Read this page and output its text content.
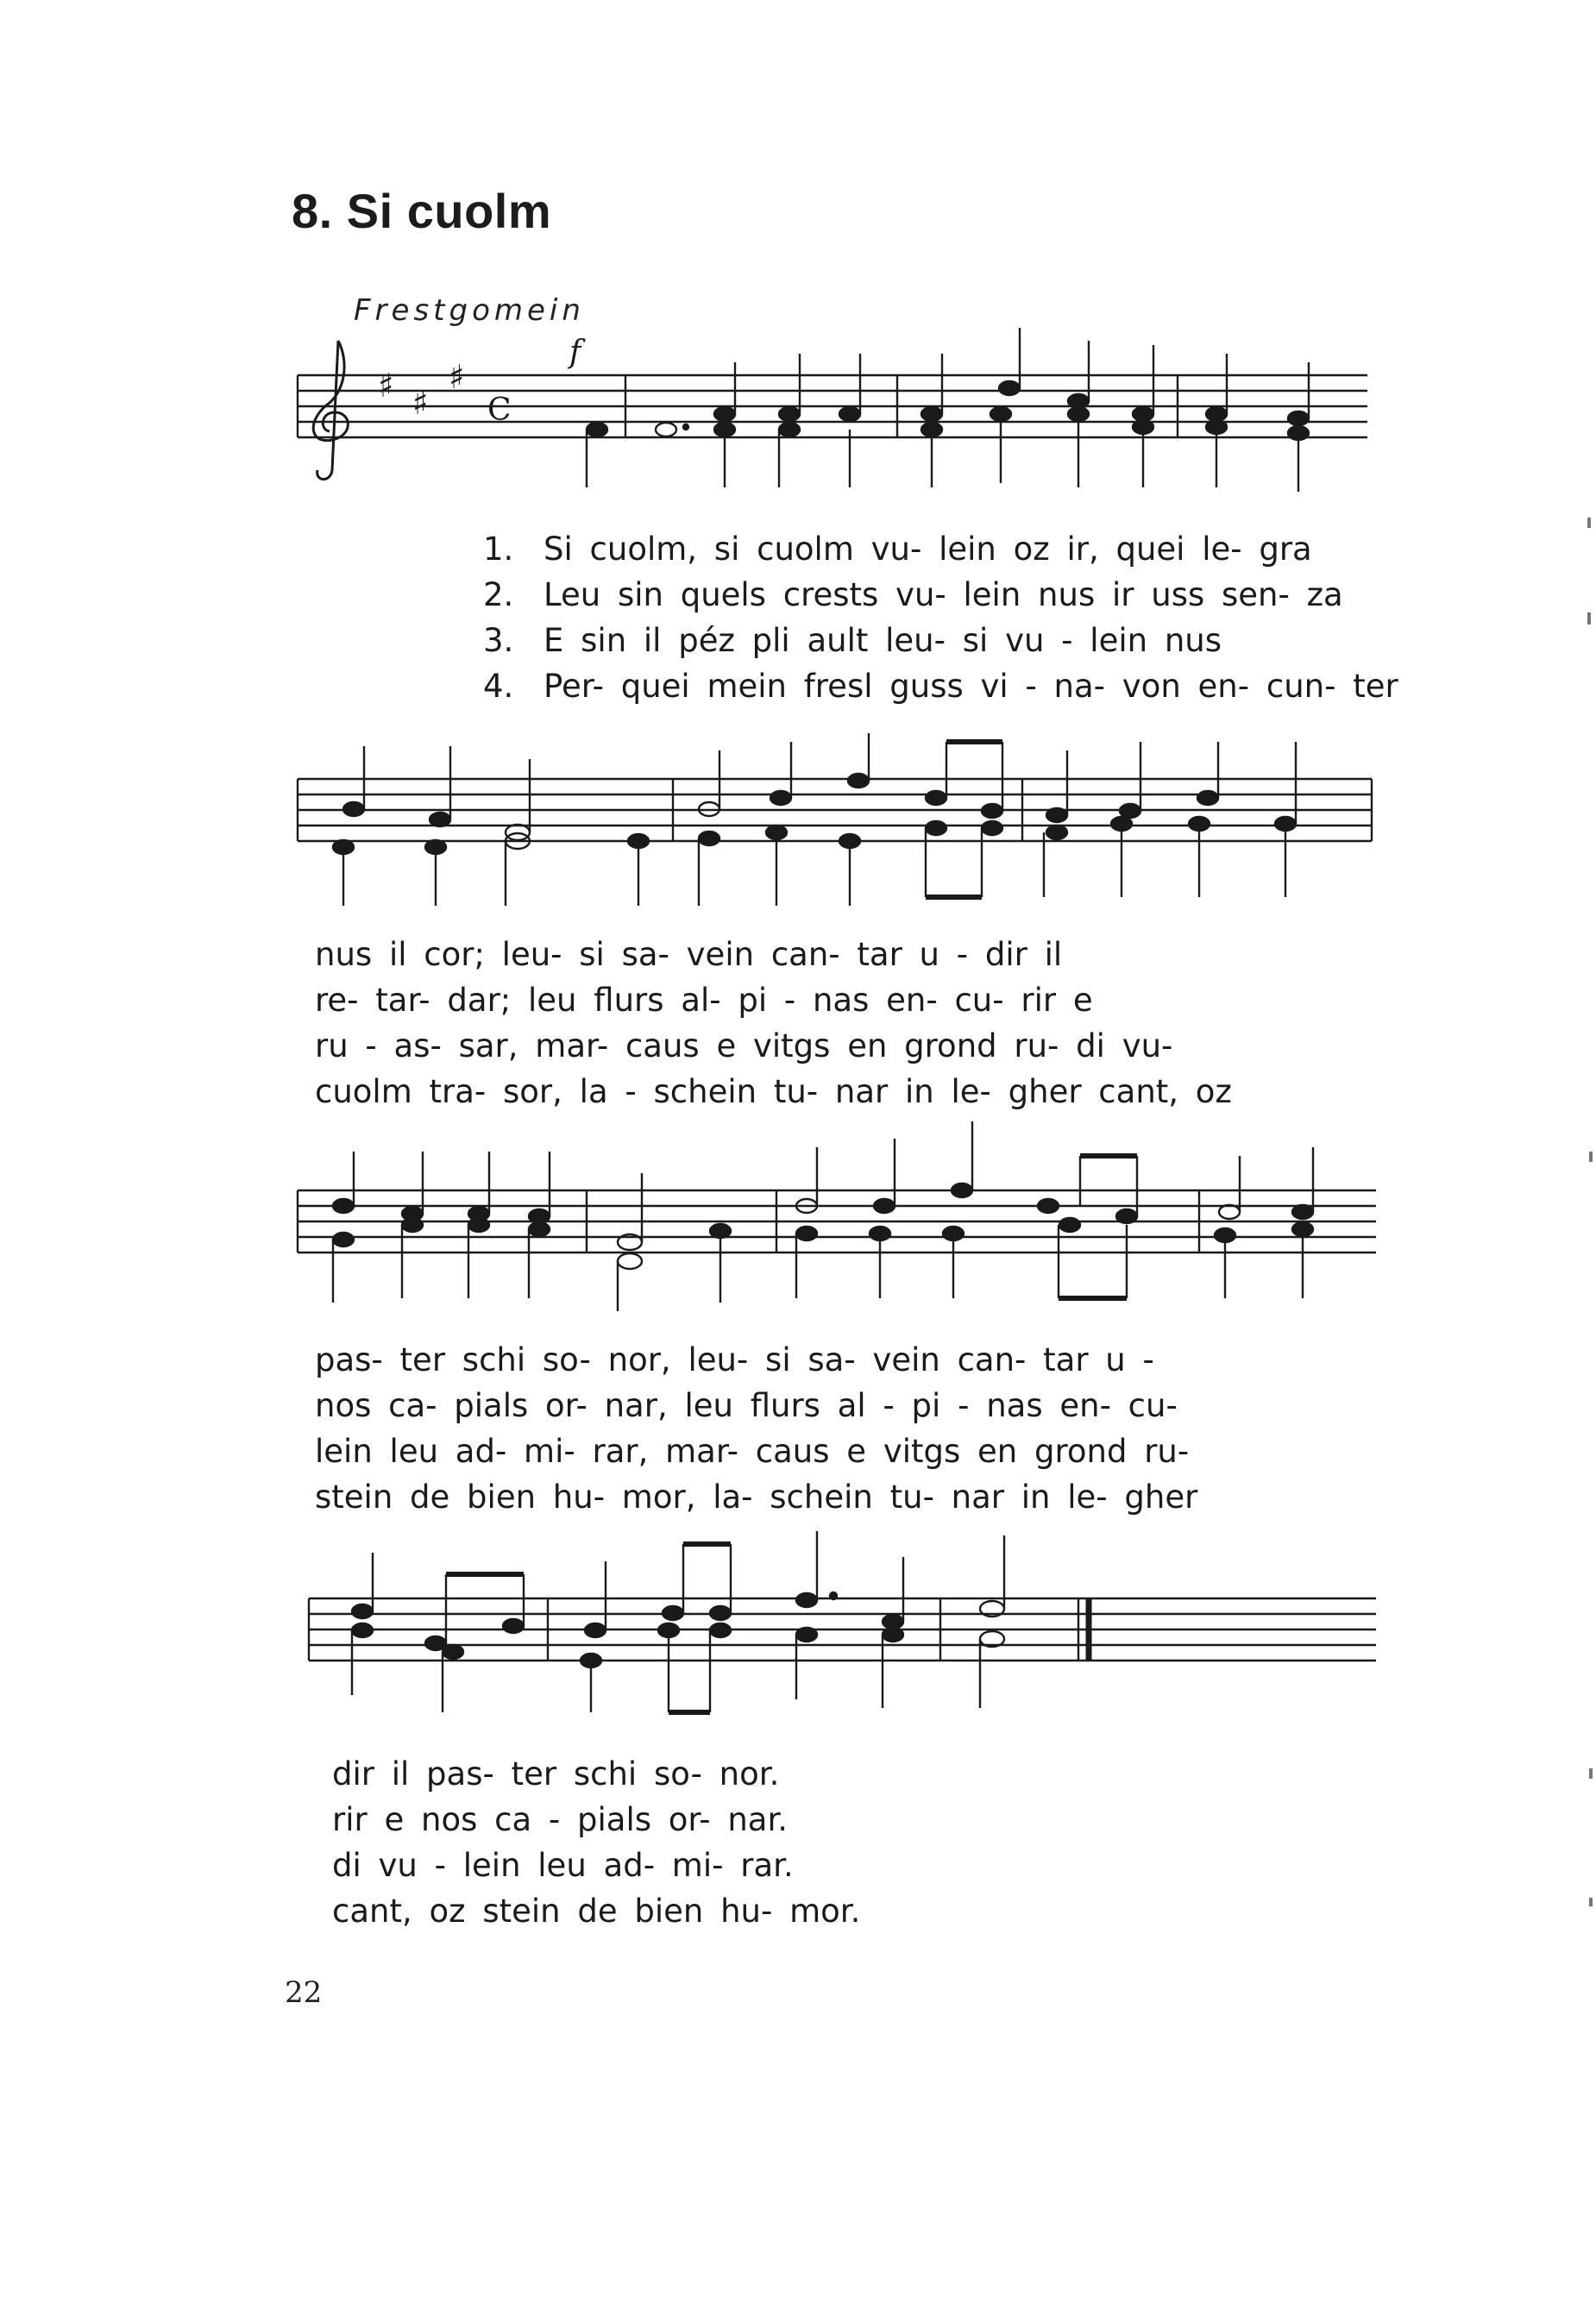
8. Si cuolm
Frestgomein
♯ ♯
♯
C
f
1. Si cuolm, si cuolm vu- lein oz ir, quei le- gra
2. Leu sin quels crests vu- lein nus ir uss sen- za
3. E sin il péz pli ault leu- si vu - lein nus
4. Per- quei mein fresl guss vi - na- von en- cun- ter
nus il cor; leu- si sa- vein can- tar u - dir il
re- tar- dar; leu flurs al- pi - nas en- cu- rir e
ru - as- sar, mar- caus e vitgs en grond ru- di vu-
cuolm tra- sor, la - schein tu- nar in le- gher cant, oz
pas- ter schi so- nor, leu- si sa- vein can- tar u -
nos ca- pials or- nar, leu flurs al - pi - nas en- cu-
lein leu ad- mi- rar, mar- caus e vitgs en grond ru-
stein de bien hu- mor, la- schein tu- nar in le- gher
dir il pas- ter schi so- nor.
rir e nos ca - pials or- nar.
di vu - lein leu ad- mi- rar.
cant, oz stein de bien hu- mor.
22
